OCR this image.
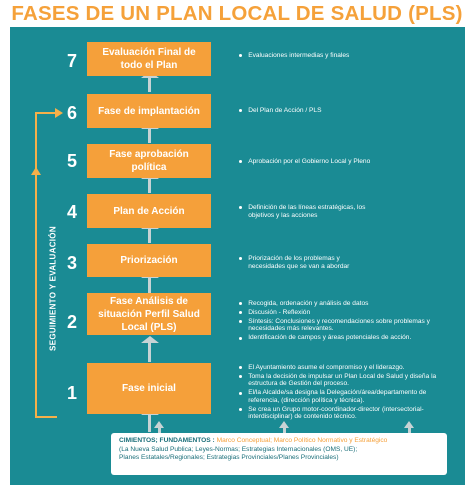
FASES DE UN PLAN LOCAL DE SALUD (PLS)
SEGUIMIENTO Y EVALUACIÓN
7
6
5
4
3
2
1
Evaluación Final de todo el Plan
Fase de implantación
Fase aprobación política
Plan de Acción
Priorización
Fase Análisis de situación Perfil Salud Local (PLS)
Fase inicial
Evaluaciones intermedias y finales
Del Plan de Acción / PLS
Aprobación por el Gobierno Local y Pleno
Definición de las líneas estratégicas, los objetivos y las acciones
Priorización de los problemas y necesidades que se van a abordar
Recogida, ordenación y análisis de datos
Discusión - Reflexión
Síntesis: Conclusiones y recomendaciones sobre problemas y necesidades más relevantes.
Identificación de campos y áreas potenciales de acción.
El Ayuntamiento asume el compromiso y el liderazgo.
Toma la decisión de impulsar un Plan Local de Salud y diseña la estructura de Gestión del proceso.
El/la Alcalde/sa designa la Delegación/área/departamento de referencia, (dirección política y técnica).
Se crea un Grupo motor-coordinador-director (intersectorial-interdisciplinar) de contenido técnico.
CIMIENTOS; FUNDAMENTOS : Marco Conceptual; Marco Político Normativo y Estratégico
(La Nueva Salud Publica; Leyes-Normas; Estrategias Internacionales (OMS, UE);
Planes Estatales/Regionales; Estrategias Provinciales/Planes Provinciales)
